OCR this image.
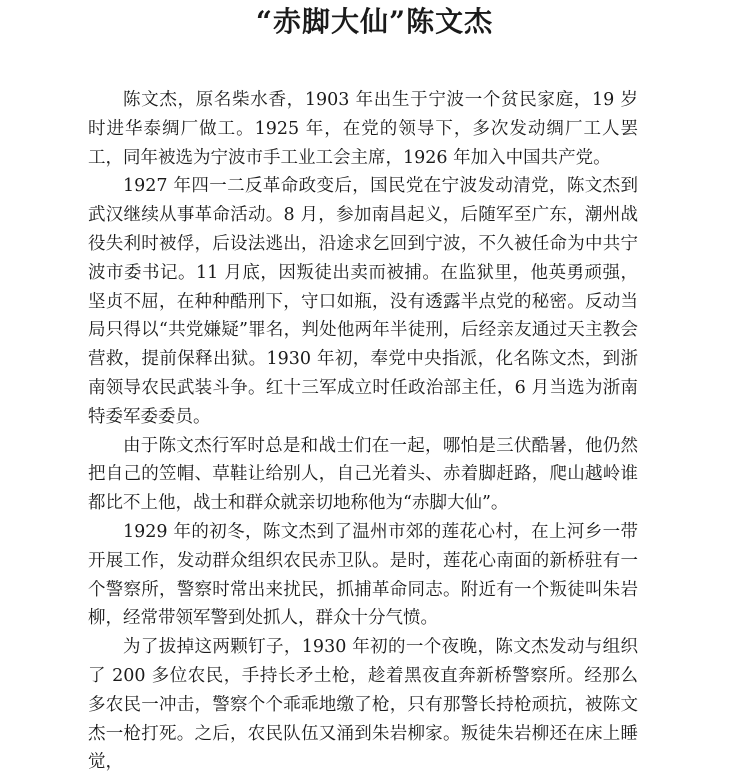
“赤脚大仙”陈文杰

陈文杰，原名柴水香，1903 年出生于宁波一个贫民家庭，19 岁时进华泰绸厂做工。1925 年，在党的领导下，多次发动绸厂工人罢工，同年被选为宁波市手工业工会主席，1926 年加入中国共产党。

1927 年四一二反革命政变后，国民党在宁波发动清党，陈文杰到武汉继续从事革命活动。8 月，参加南昌起义，后随军至广东，潮州战役失利时被俘，后设法逃出，沿途求乞回到宁波，不久被任命为中共宁波市委书记。11 月底，因叛徒出卖而被捕。在监狱里，他英勇顽强，坚贞不屈，在种种酷刑下，守口如瓶，没有透露半点党的秘密。反动当局只得以“共党嫌疑”罪名，判处他两年半徒刑，后经亲友通过天主教会营救，提前保释出狱。1930 年初，奉党中央指派，化名陈文杰，到浙南领导农民武装斗争。红十三军成立时任政治部主任，6 月当选为浙南特委军委委员。

由于陈文杰行军时总是和战士们在一起，哪怕是三伏酷暑，他仍然把自己的笠帽、草鞋让给别人，自己光着头、赤着脚赶路，爬山越岭谁都比不上他，战士和群众就亲切地称他为“赤脚大仙”。

1929 年的初冬，陈文杰到了温州市郊的莲花心村，在上河乡一带开展工作，发动群众组织农民赤卫队。是时，莲花心南面的新桥驻有一个警察所，警察时常出来扰民，抓捕革命同志。附近有一个叛徒叫朱岩柳，经常带领军警到处抓人，群众十分气愤。

为了拔掉这两颗钉子，1930 年初的一个夜晚，陈文杰发动与组织了 200 多位农民，手持长矛土枪，趁着黑夜直奔新桥警察所。经那么多农民一冲击，警察个个乖乖地缴了枪，只有那警长持枪顽抗，被陈文杰一枪打死。之后，农民队伍又涌到朱岩柳家。叛徒朱岩柳还在床上睡觉，
